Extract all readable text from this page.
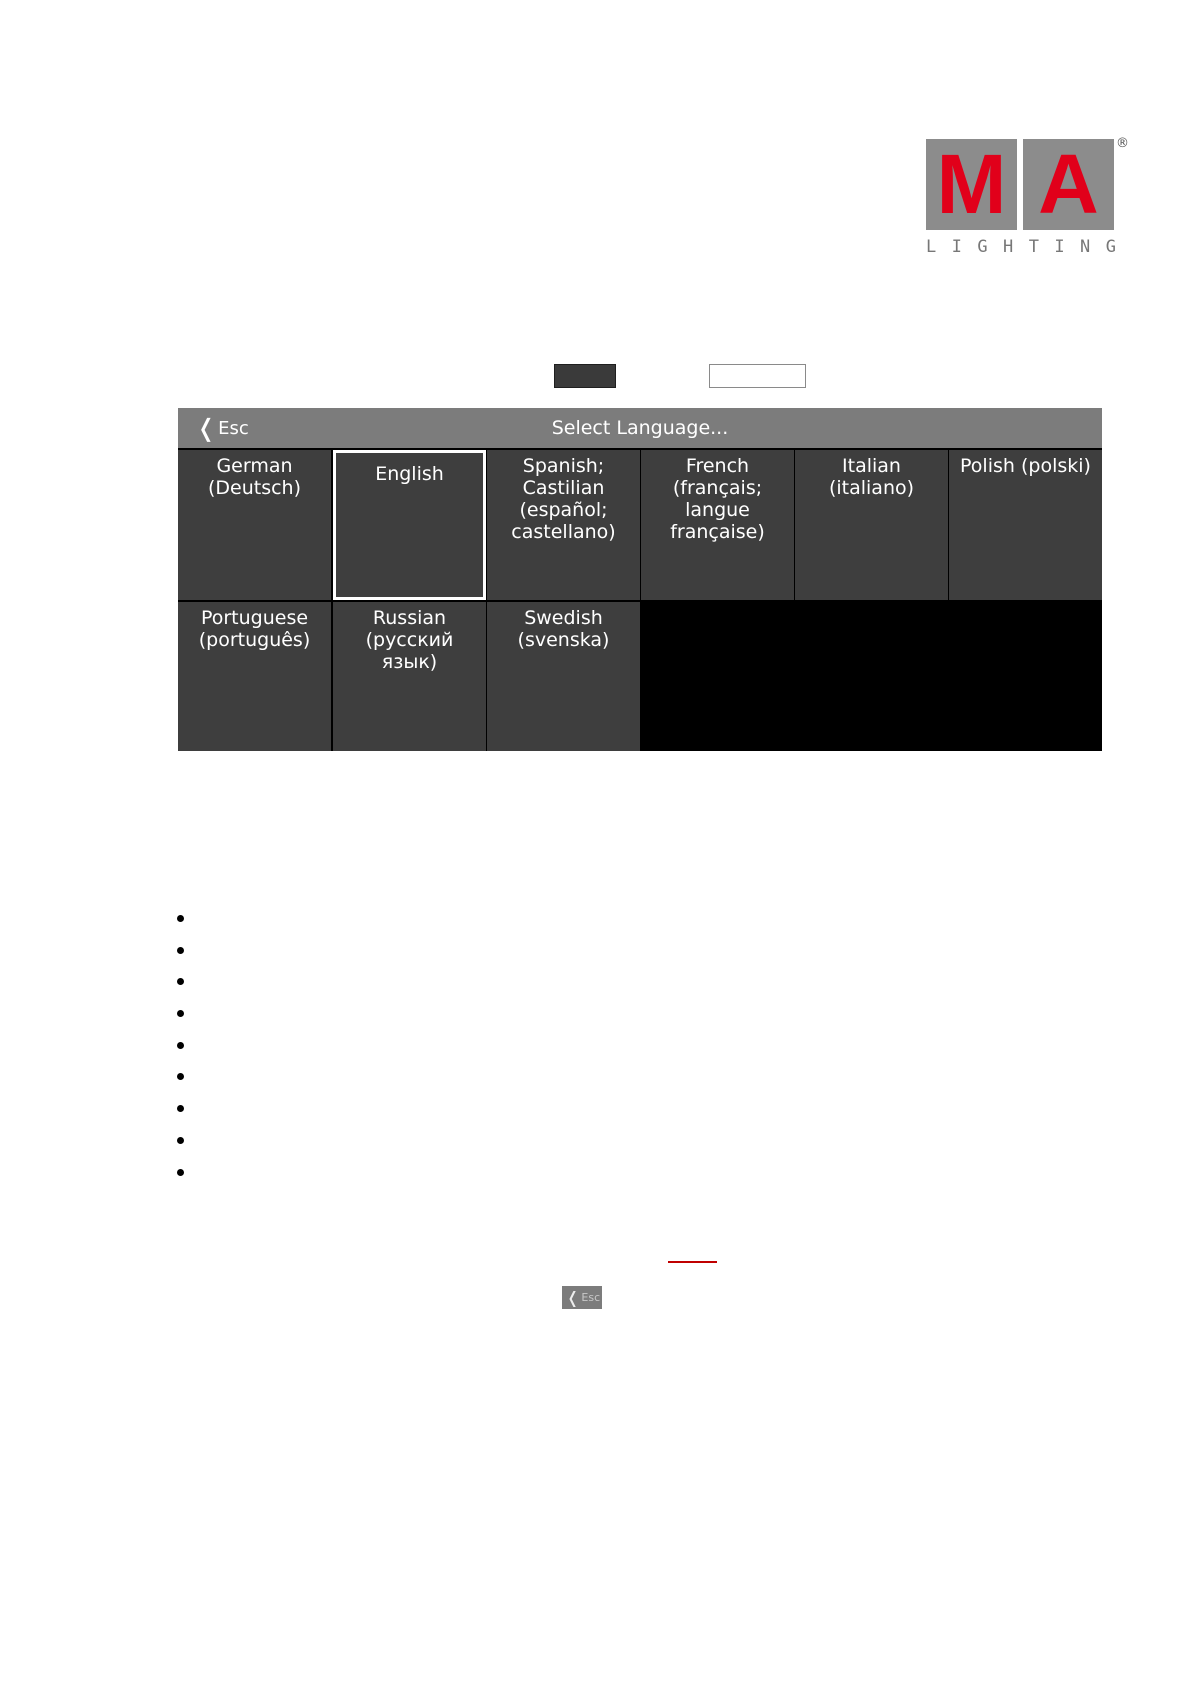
M A	®
L I G H T I N G
Select Language...
❬ Esc
German
(Deutsch)
English	Spanish;
Castilian
(español;
castellano)
French
(français;
langue
française)
Italian
(italiano)
Polish (polski)
Portuguese
(português)
Russian
(русский
язык)
Swedish
(svenska)
❬ Esc
